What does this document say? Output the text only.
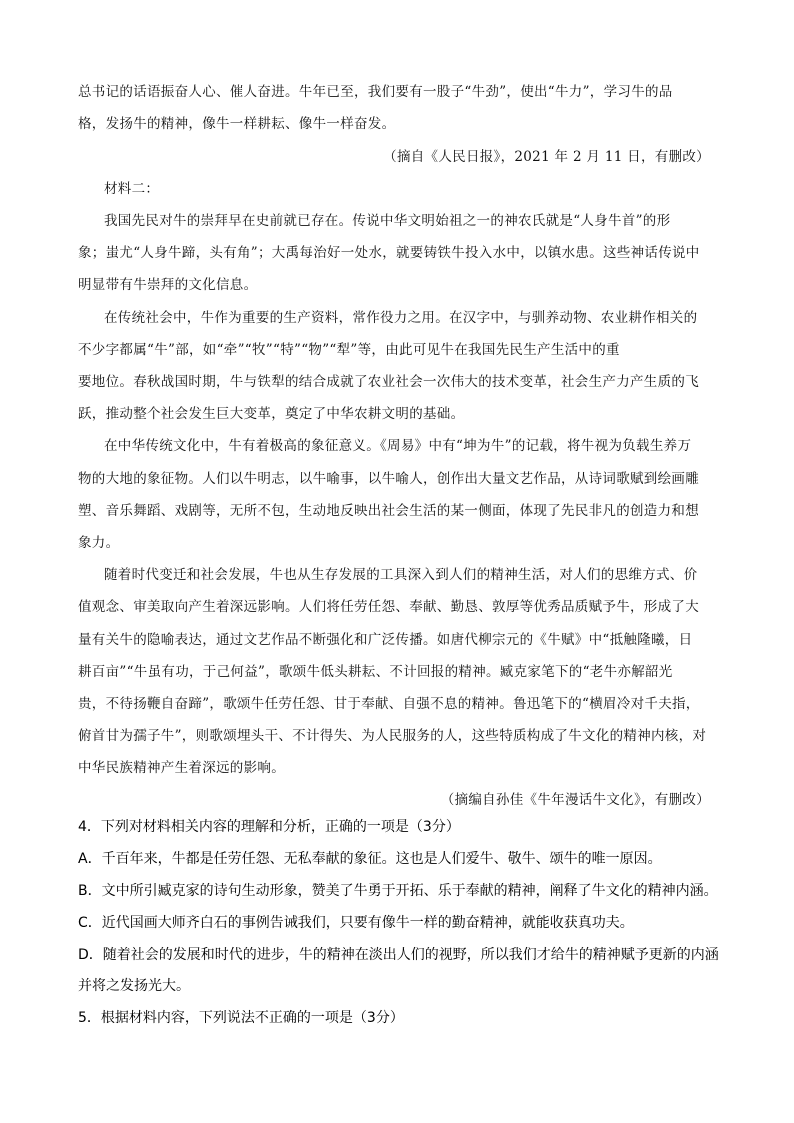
总书记的话语振奋人心、催人奋进。牛年已至，我们要有一股子“牛劲”，使出“牛力”，学习牛的品
格，发扬牛的精神，像牛一样耕耘、像牛一样奋发。
（摘自《人民日报》，2021 年 2 月 11 日，有删改）
材料二：
我国先民对牛的崇拜早在史前就已存在。传说中华文明始祖之一的神农氏就是“人身牛首”的形
象；蚩尤“人身牛蹄，头有角”；大禹每治好一处水，就要铸铁牛投入水中，以镇水患。这些神话传说中
明显带有牛崇拜的文化信息。
在传统社会中，牛作为重要的生产资料，常作役力之用。在汉字中，与驯养动物、农业耕作相关的
不少字都属“牛”部，如“牵”“牧”“特”“物”“犁”等，由此可见牛在我国先民生产生活中的重
要地位。春秋战国时期，牛与铁犁的结合成就了农业社会一次伟大的技术变革，社会生产力产生质的飞
跃，推动整个社会发生巨大变革，奠定了中华农耕文明的基础。
在中华传统文化中，牛有着极高的象征意义。《周易》中有“坤为牛”的记载，将牛视为负载生养万
物的大地的象征物。人们以牛明志，以牛喻事，以牛喻人，创作出大量文艺作品，从诗词歌赋到绘画雕
塑、音乐舞蹈、戏剧等，无所不包，生动地反映出社会生活的某一侧面，体现了先民非凡的创造力和想
象力。
随着时代变迁和社会发展，牛也从生存发展的工具深入到人们的精神生活，对人们的思维方式、价
值观念、审美取向产生着深远影响。人们将任劳任怨、奉献、勤恳、敦厚等优秀品质赋予牛，形成了大
量有关牛的隐喻表达，通过文艺作品不断强化和广泛传播。如唐代柳宗元的《牛赋》中“抵触隆曦，日
耕百亩”“牛虽有功，于己何益”，歌颂牛低头耕耘、不计回报的精神。臧克家笔下的“老牛亦解韶光
贵，不待扬鞭自奋蹄”，歌颂牛任劳任怨、甘于奉献、自强不息的精神。鲁迅笔下的“横眉冷对千夫指，
俯首甘为孺子牛”，则歌颂埋头干、不计得失、为人民服务的人，这些特质构成了牛文化的精神内核，对
中华民族精神产生着深远的影响。
（摘编自孙佳《牛年漫话牛文化》，有删改）
4．下列对材料相关内容的理解和分析，正确的一项是（3分）
A．千百年来，牛都是任劳任怨、无私奉献的象征。这也是人们爱牛、敬牛、颂牛的唯一原因。
B．文中所引臧克家的诗句生动形象，赞美了牛勇于开拓、乐于奉献的精神，阐释了牛文化的精神内涵。
C．近代国画大师齐白石的事例告诫我们，只要有像牛一样的勤奋精神，就能收获真功夫。
D．随着社会的发展和时代的进步，牛的精神在淡出人们的视野，所以我们才给牛的精神赋予更新的内涵
并将之发扬光大。
5．根据材料内容，下列说法不正确的一项是（3分）
